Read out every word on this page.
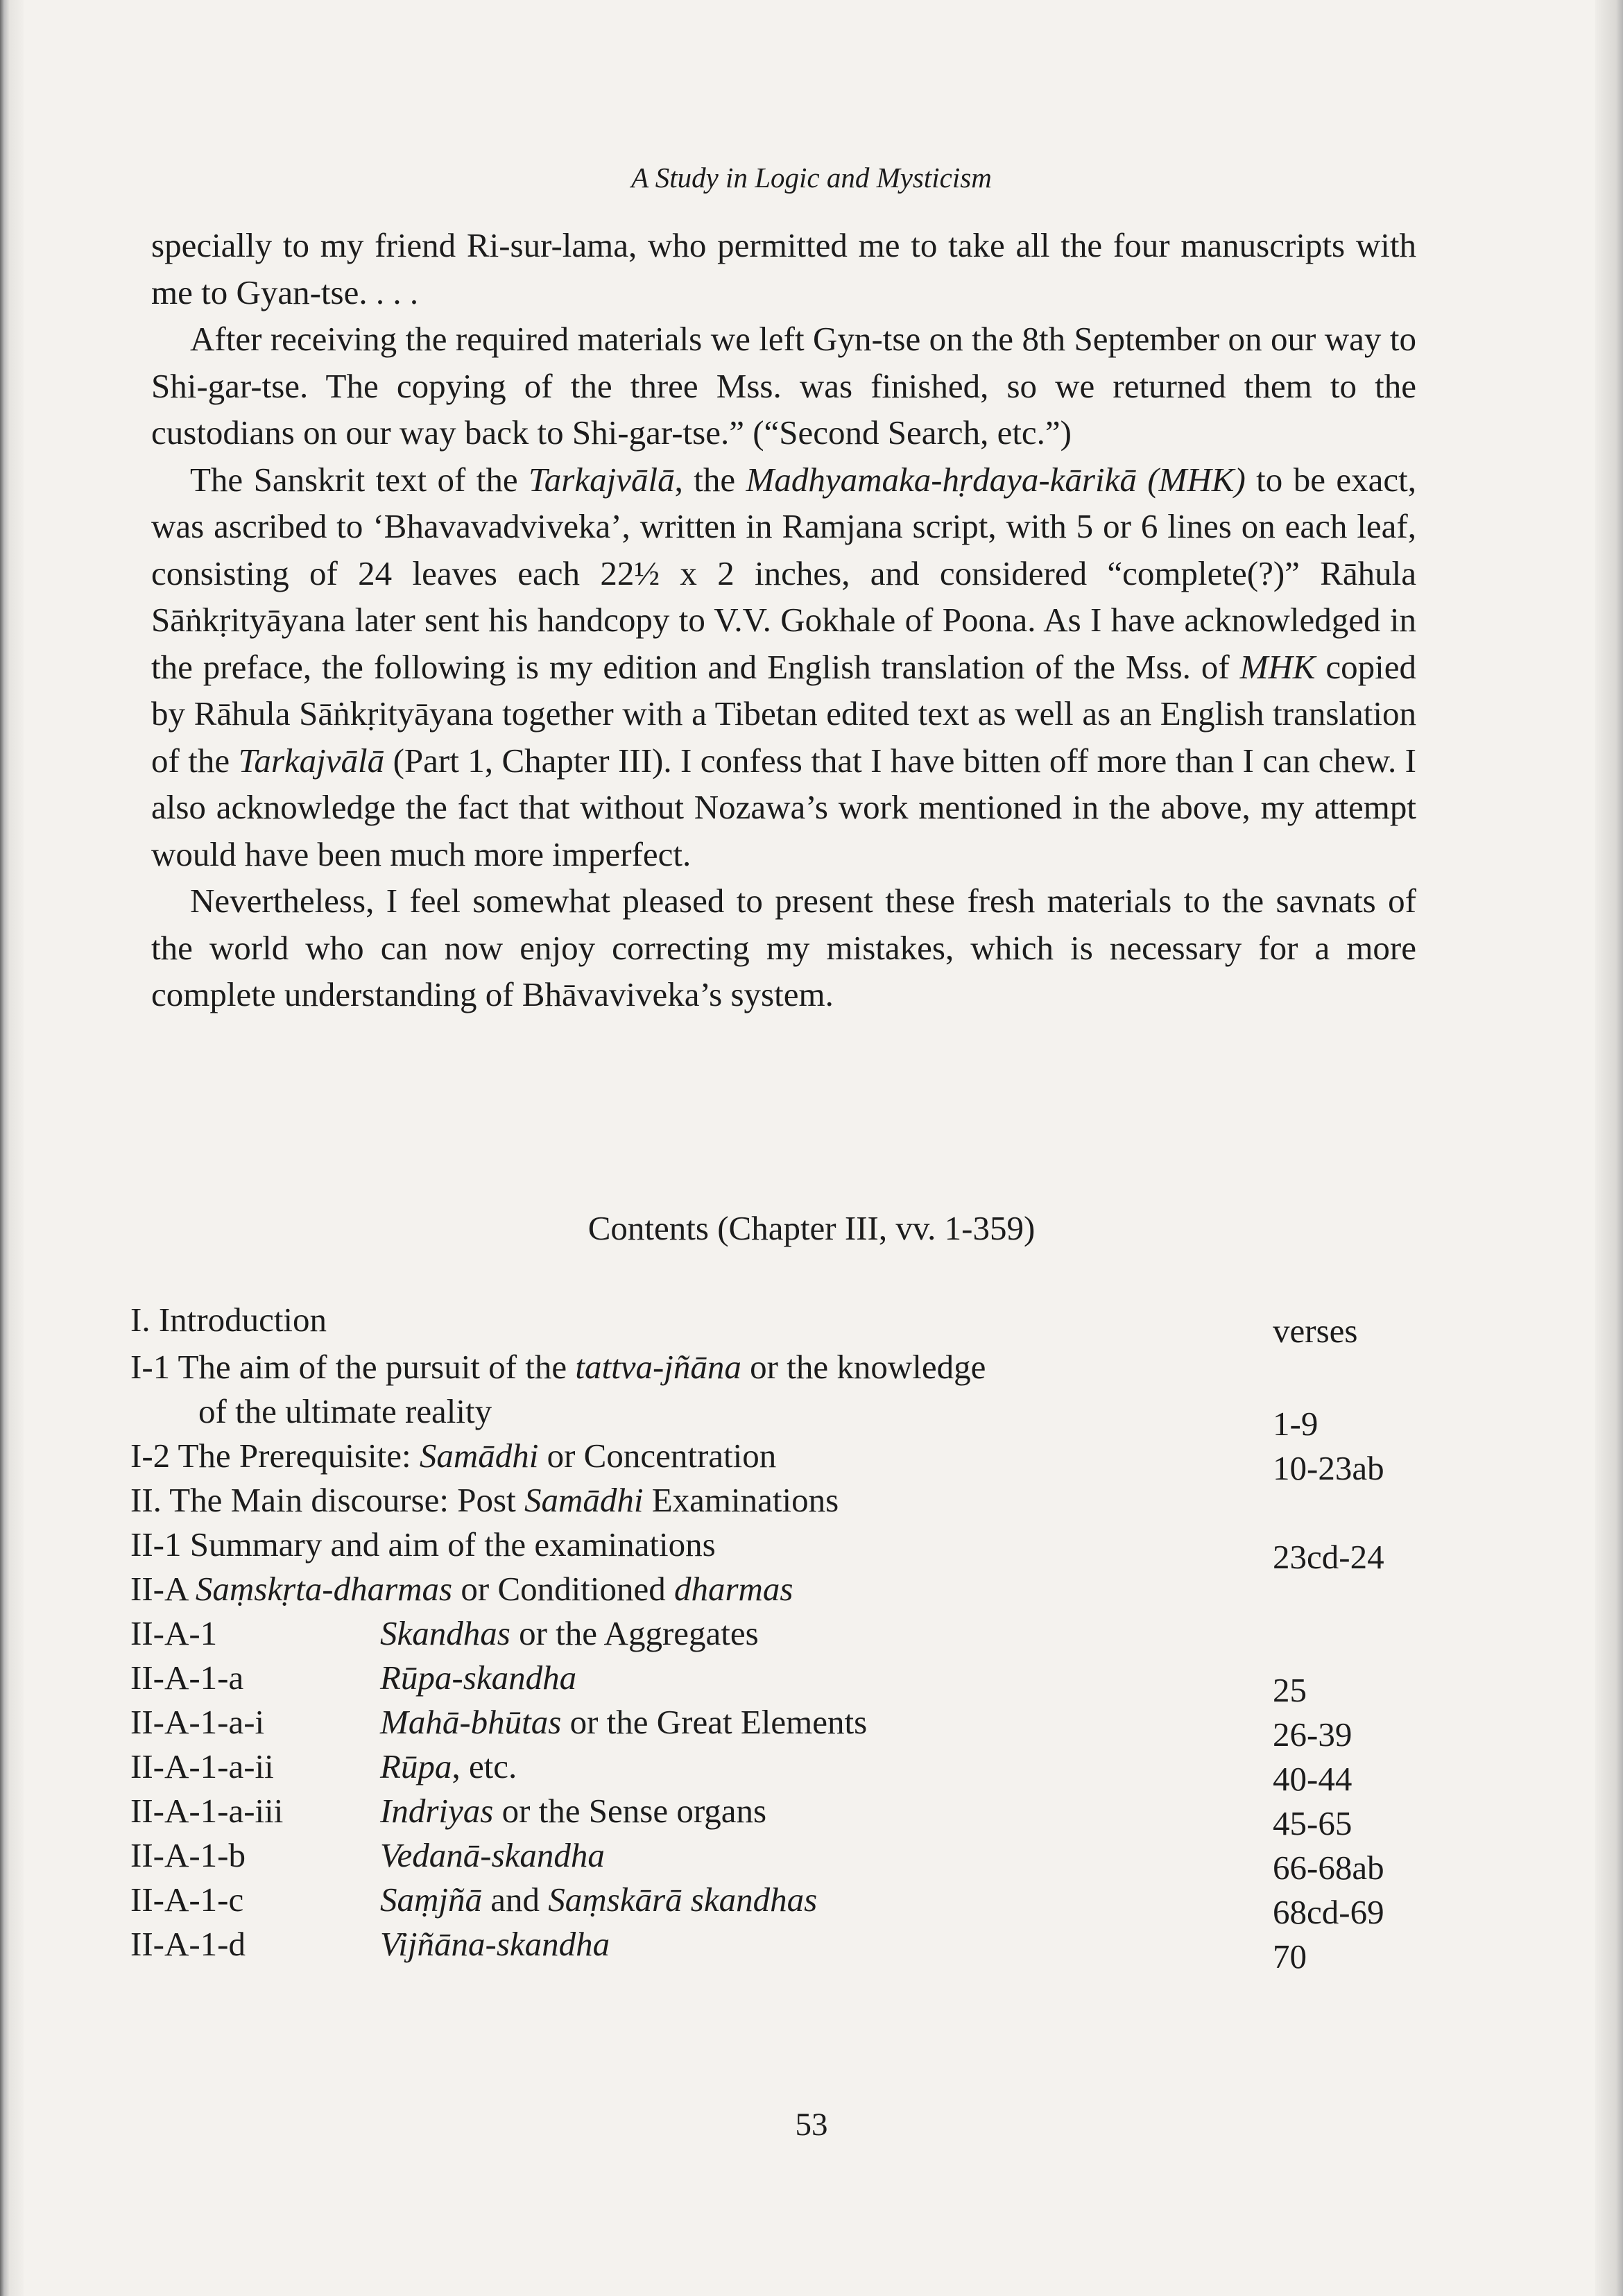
A Study in Logic and Mysticism

specially to my friend Ri-sur-lama, who permitted me to take all the four manuscripts with me to Gyan-tse. . . .

After receiving the required materials we left Gyn-tse on the 8th September on our way to Shi-gar-tse. The copying of the three Mss. was finished, so we returned them to the custodians on our way back to Shi-gar-tse.” (“Second Search, etc.”)

The Sanskrit text of the Tarkajvālā, the Madhyamaka-hṛdaya-kārikā (MHK) to be exact, was ascribed to ‘Bhavavadviveka’, written in Ramjana script, with 5 or 6 lines on each leaf, consisting of 24 leaves each 22½ x 2 inches, and considered “complete(?)” Rāhula Sāṅkṛityāyana later sent his handcopy to V.V. Gokhale of Poona. As I have acknowledged in the preface, the following is my edition and English translation of the Mss. of MHK copied by Rāhula Sāṅkṛityāyana together with a Tibetan edited text as well as an English translation of the Tarkajvālā (Part 1, Chapter III). I confess that I have bitten off more than I can chew. I also acknowledge the fact that without Nozawa’s work mentioned in the above, my attempt would have been much more imperfect.

Nevertheless, I feel somewhat pleased to present these fresh materials to the savnats of the world who can now enjoy correcting my mistakes, which is necessary for a more complete understanding of Bhāvaviveka’s system.

Contents (Chapter III, vv. 1-359)
verses
I. Introduction
I-1 The aim of the pursuit of the tattva-jñāna or the knowledge
  of the ultimate reality	1-9
I-2 The Prerequisite: Samādhi or Concentration	10-23ab
II. The Main discourse: Post Samādhi Examinations
II-1 Summary and aim of the examinations	23cd-24
II-A Saṃskṛta-dharmas or Conditioned dharmas
II-A-1	Skandhas or the Aggregates
II-A-1-a	Rūpa-skandha	25
II-A-1-a-i	Mahā-bhūtas or the Great Elements	26-39
II-A-1-a-ii	Rūpa, etc.	40-44
II-A-1-a-iii	Indriyas or the Sense organs	45-65
II-A-1-b	Vedanā-skandha	66-68ab
II-A-1-c	Saṃjñā and Saṃskārā skandhas	68cd-69
II-A-1-d	Vijñāna-skandha	70
53
